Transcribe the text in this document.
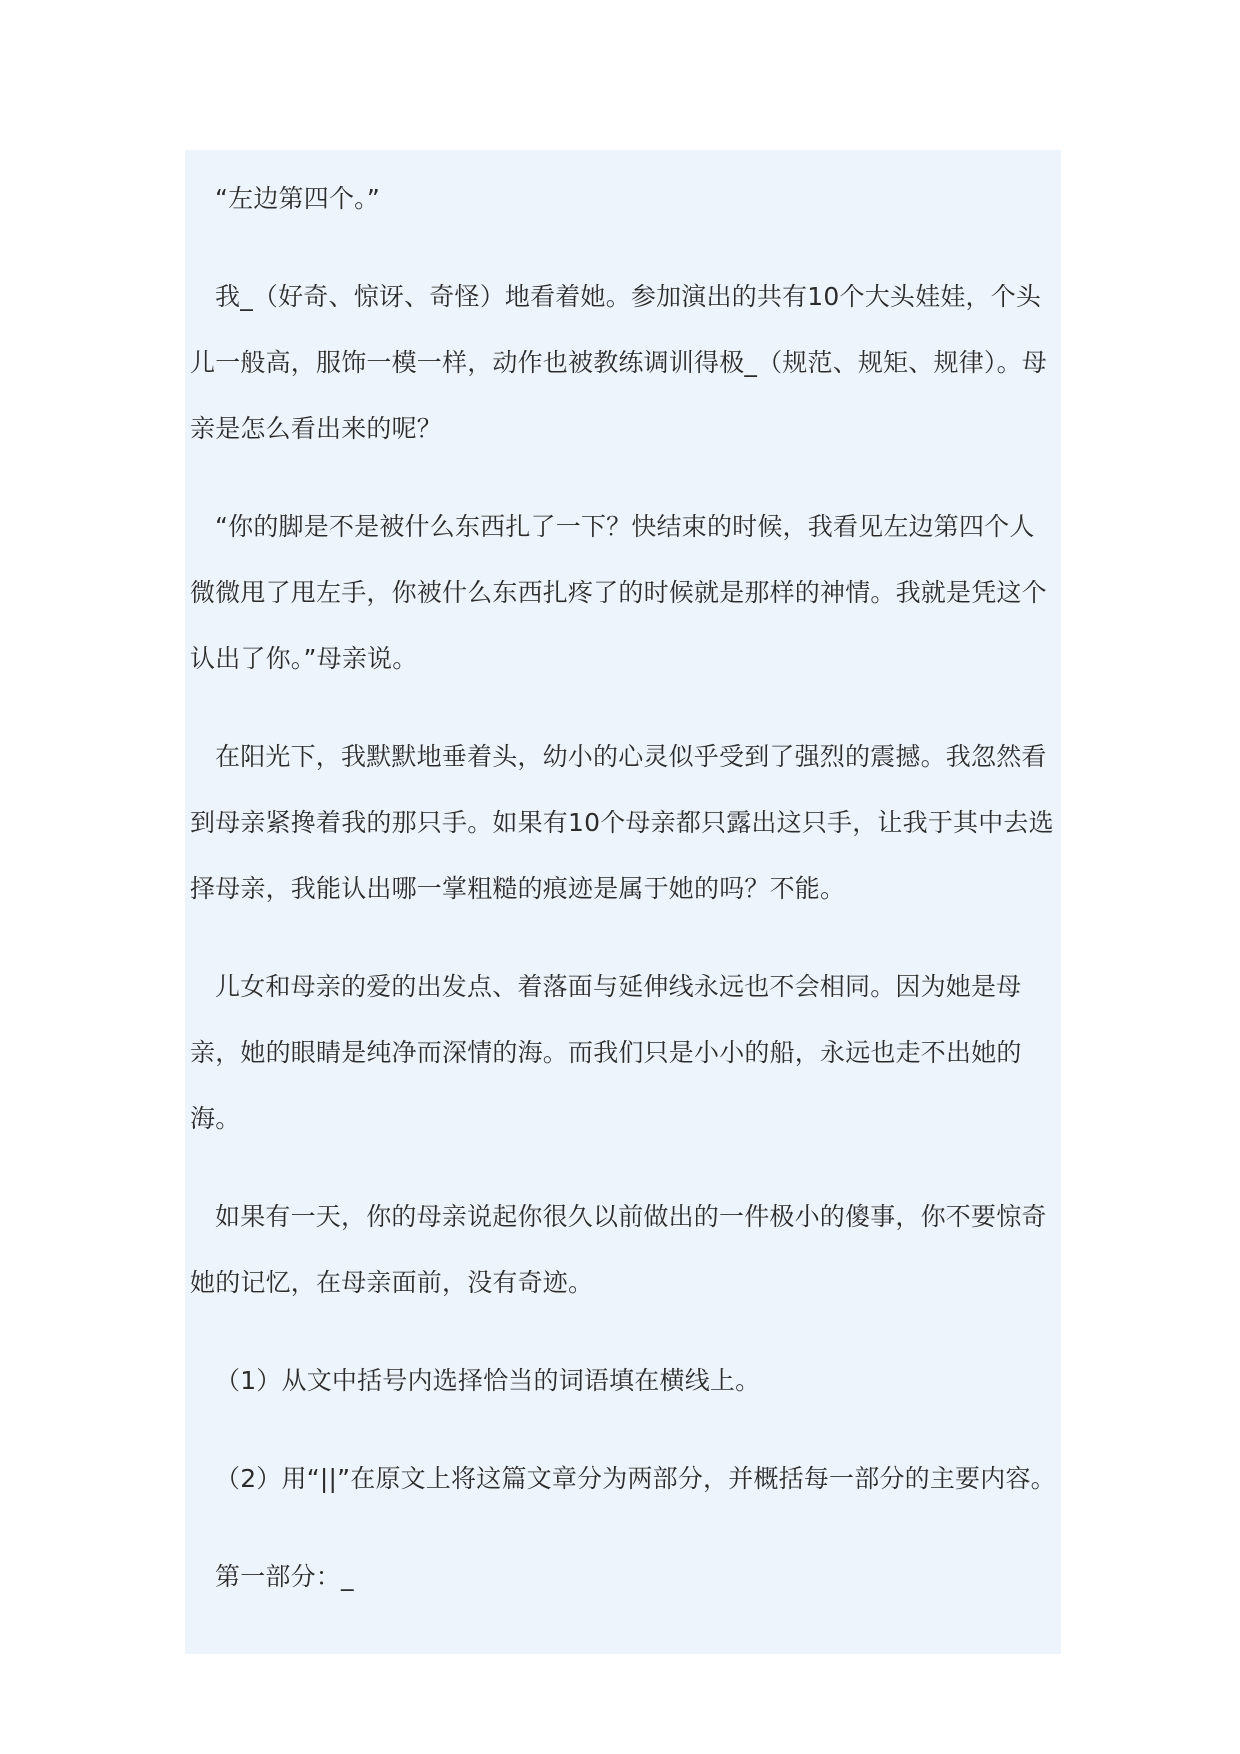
“左边第四个。”

我_（好奇、惊讶、奇怪）地看着她。参加演出的共有10个大头娃娃，个头儿一般高，服饰一模一样，动作也被教练调训得极_（规范、规矩、规律）。母亲是怎么看出来的呢？

“你的脚是不是被什么东西扎了一下？快结束的时候，我看见左边第四个人微微甩了甩左手，你被什么东西扎疼了的时候就是那样的神情。我就是凭这个认出了你。”母亲说。

在阳光下，我默默地垂着头，幼小的心灵似乎受到了强烈的震撼。我忽然看到母亲紧搀着我的那只手。如果有10个母亲都只露出这只手，让我于其中去选择母亲，我能认出哪一掌粗糙的痕迹是属于她的吗？不能。

儿女和母亲的爱的出发点、着落面与延伸线永远也不会相同。因为她是母亲，她的眼睛是纯净而深情的海。而我们只是小小的船，永远也走不出她的海。

如果有一天，你的母亲说起你很久以前做出的一件极小的傻事，你不要惊奇她的记忆，在母亲面前，没有奇迹。

（1）从文中括号内选择恰当的词语填在横线上。

（2）用“||”在原文上将这篇文章分为两部分，并概括每一部分的主要内容。

第一部分：_
